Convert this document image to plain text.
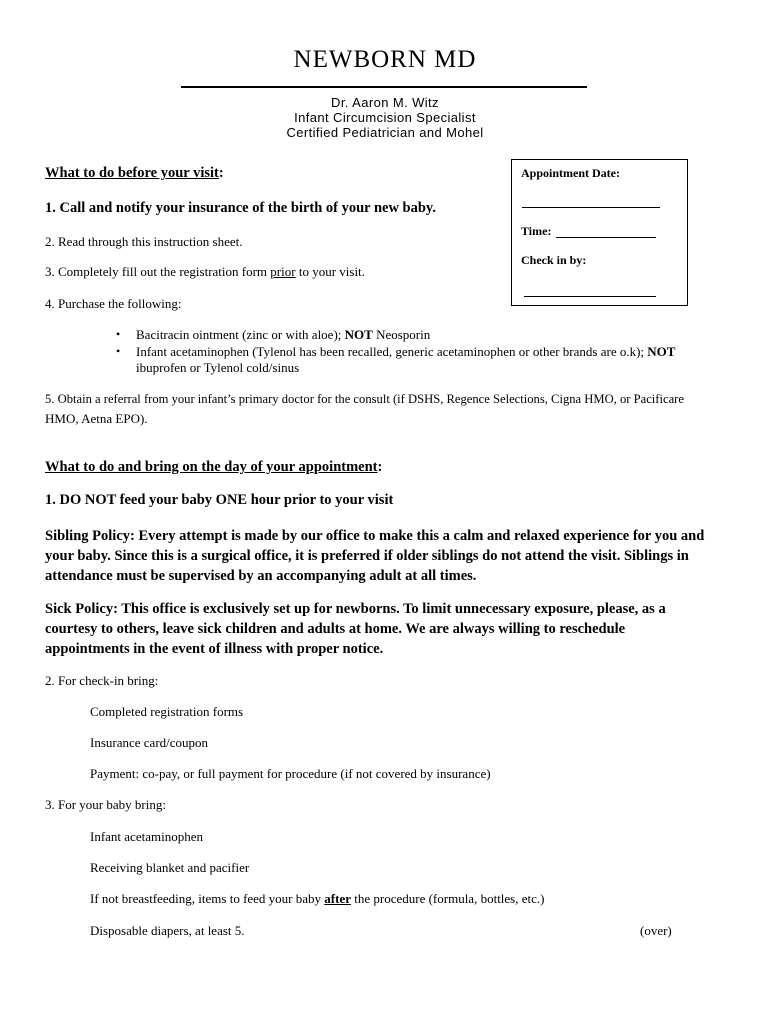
NEWBORN MD
Dr. Aaron M. Witz
Infant Circumcision Specialist
Certified Pediatrician and Mohel
Appointment Date:
Time:
Check in by:
What to do before your visit:
1. Call and notify your insurance of the birth of your new baby.
2. Read through this instruction sheet.
3. Completely fill out the registration form prior to your visit.
4. Purchase the following:
• Bacitracin ointment (zinc or with aloe); NOT Neosporin
• Infant acetaminophen (Tylenol has been recalled, generic acetaminophen or other brands are o.k); NOT
ibuprofen or Tylenol cold/sinus
5. Obtain a referral from your infant’s primary doctor for the consult (if DSHS, Regence Selections, Cigna HMO, or Pacificare
HMO, Aetna EPO).
What to do and bring on the day of your appointment:
1. DO NOT feed your baby ONE hour prior to your visit
Sibling Policy: Every attempt is made by our office to make this a calm and relaxed experience for you and
your baby. Since this is a surgical office, it is preferred if older siblings do not attend the visit. Siblings in
attendance must be supervised by an accompanying adult at all times.
Sick Policy: This office is exclusively set up for newborns. To limit unnecessary exposure, please, as a
courtesy to others, leave sick children and adults at home. We are always willing to reschedule
appointments in the event of illness with proper notice.
2. For check-in bring:
Completed registration forms
Insurance card/coupon
Payment: co-pay, or full payment for procedure (if not covered by insurance)
3. For your baby bring:
Infant acetaminophen
Receiving blanket and pacifier
If not breastfeeding, items to feed your baby after the procedure (formula, bottles, etc.)
Disposable diapers, at least 5.	(over)
